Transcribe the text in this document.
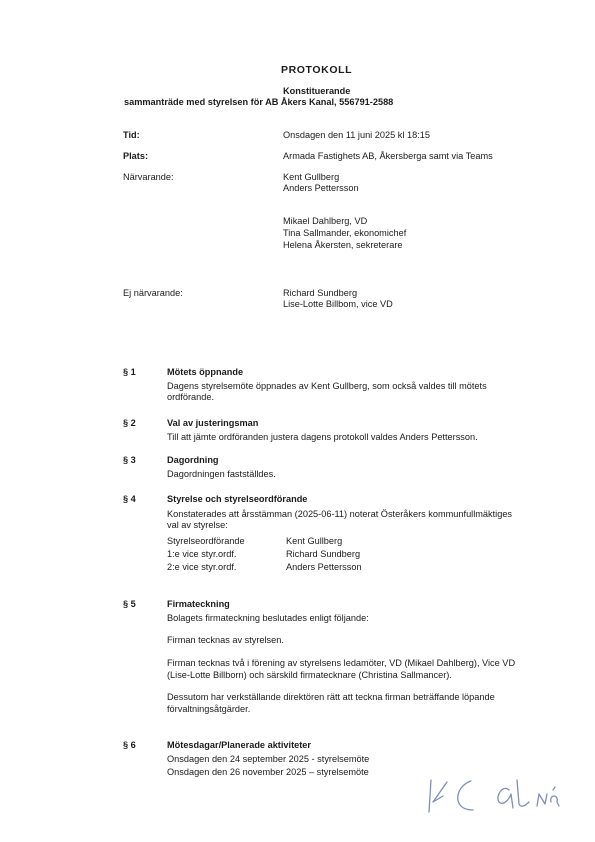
PROTOKOLL
Konstituerande
sammanträde med styrelsen för AB Åkers Kanal, 556791-2588
Tid:	Onsdagen den 11 juni 2025 kl 18:15
Plats:	Armada Fastighets AB, Åkersberga samt via Teams
Närvarande:	Kent Gullberg
Anders Pettersson
Mikael Dahlberg, VD
Tina Sallmander, ekonomichef
Helena Åkersten, sekreterare
Ej närvarande:	Richard Sundberg
Lise-Lotte Billbom, vice VD
§ 1	Mötets öppnande
Dagens styrelsemöte öppnades av Kent Gullberg, som också valdes till mötets
ordförande.
§ 2	Val av justeringsman
Till att jämte ordföranden justera dagens protokoll valdes Anders Pettersson.
§ 3	Dagordning
Dagordningen fastställdes.
§ 4	Styrelse och styrelseordförande
Konstaterades att årsstämman (2025-06-11) noterat Österåkers kommunfullmäktiges
val av styrelse:
Styrelseordförande	Kent Gullberg
1:e vice styr.ordf.	Richard Sundberg
2:e vice styr.ordf.	Anders Pettersson
§ 5	Firmateckning
Bolagets firmateckning beslutades enligt följande:
Firman tecknas av styrelsen.
Firman tecknas två i förening av styrelsens ledamöter, VD (Mikael Dahlberg), Vice VD
(Lise-Lotte Billborn) och särskild firmatecknare (Christina Sallmancer).
Dessutom har verkställande direktören rätt att teckna firman beträffande löpande
förvaltningsåtgärder.
§ 6	Mötesdagar/Planerade aktiviteter
Onsdagen den 24 september 2025 - styrelsemöte
Onsdagen den 26 november 2025 – styrelsemöte
